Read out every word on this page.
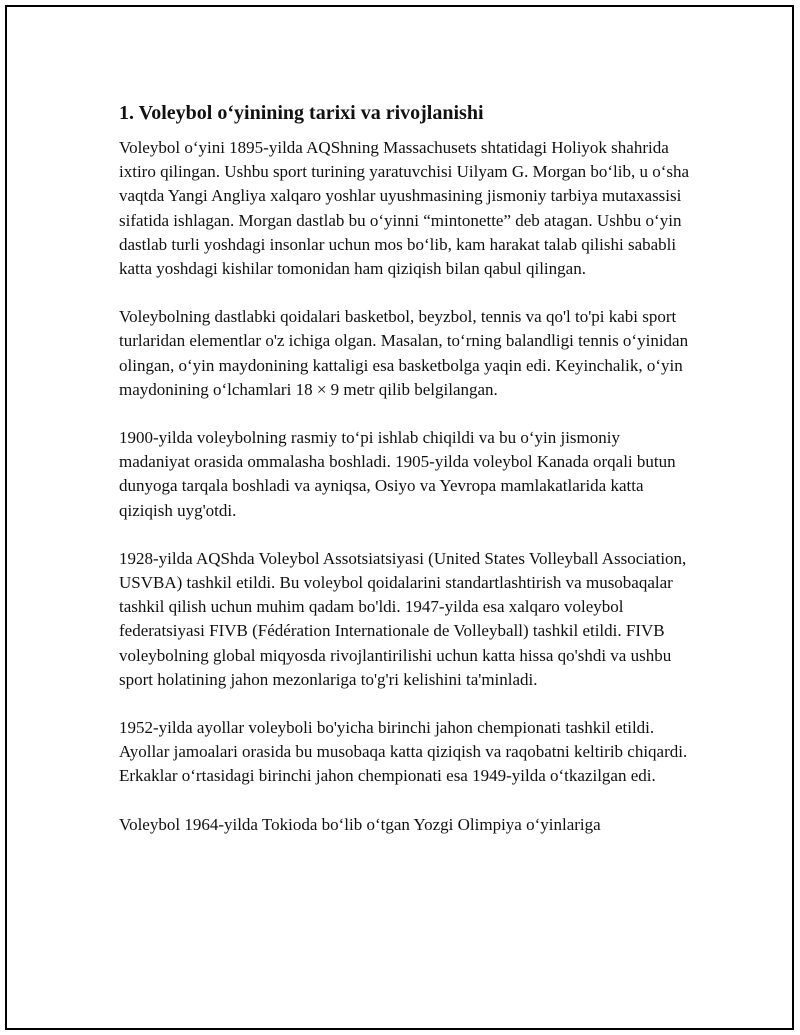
1. Voleybol o‘yinining tarixi va rivojlanishi

Voleybol o‘yini 1895-yilda AQShning Massachusets shtatidagi Holiyok shahrida ixtiro qilingan. Ushbu sport turining yaratuvchisi Uilyam G. Morgan bo‘lib, u o‘sha vaqtda Yangi Angliya xalqaro yoshlar uyushmasining jismoniy tarbiya mutaxassisi sifatida ishlagan. Morgan dastlab bu o‘yinni “mintonette” deb atagan. Ushbu o‘yin dastlab turli yoshdagi insonlar uchun mos bo‘lib, kam harakat talab qilishi sababli katta yoshdagi kishilar tomonidan ham qiziqish bilan qabul qilingan.

Voleybolning dastlabki qoidalari basketbol, beyzbol, tennis va qo'l to'pi kabi sport turlaridan elementlar o'z ichiga olgan. Masalan, to‘rning balandligi tennis o‘yinidan olingan, o‘yin maydonining kattaligi esa basketbolga yaqin edi. Keyinchalik, o‘yin maydonining o‘lchamlari 18 × 9 metr qilib belgilangan.

1900-yilda voleybolning rasmiy to‘pi ishlab chiqildi va bu o‘yin jismoniy madaniyat orasida ommalasha boshladi. 1905-yilda voleybol Kanada orqali butun dunyoga tarqala boshladi va ayniqsa, Osiyo va Yevropa mamlakatlarida katta qiziqish uyg'otdi.

1928-yilda AQShda Voleybol Assotsiatsiyasi (United States Volleyball Association, USVBA) tashkil etildi. Bu voleybol qoidalarini standartlashtirish va musobaqalar tashkil qilish uchun muhim qadam bo'ldi. 1947-yilda esa xalqaro voleybol federatsiyasi FIVB (Fédération Internationale de Volleyball) tashkil etildi. FIVB voleybolning global miqyosda rivojlantirilishi uchun katta hissa qo'shdi va ushbu sport holatining jahon mezonlariga to'g'ri kelishini ta'minladi.

1952-yilda ayollar voleyboli bo'yicha birinchi jahon chempionati tashkil etildi. Ayollar jamoalari orasida bu musobaqa katta qiziqish va raqobatni keltirib chiqardi. Erkaklar o‘rtasidagi birinchi jahon chempionati esa 1949-yilda o‘tkazilgan edi.

Voleybol 1964-yilda Tokioda bo‘lib o‘tgan Yozgi Olimpiya o‘yinlariga
